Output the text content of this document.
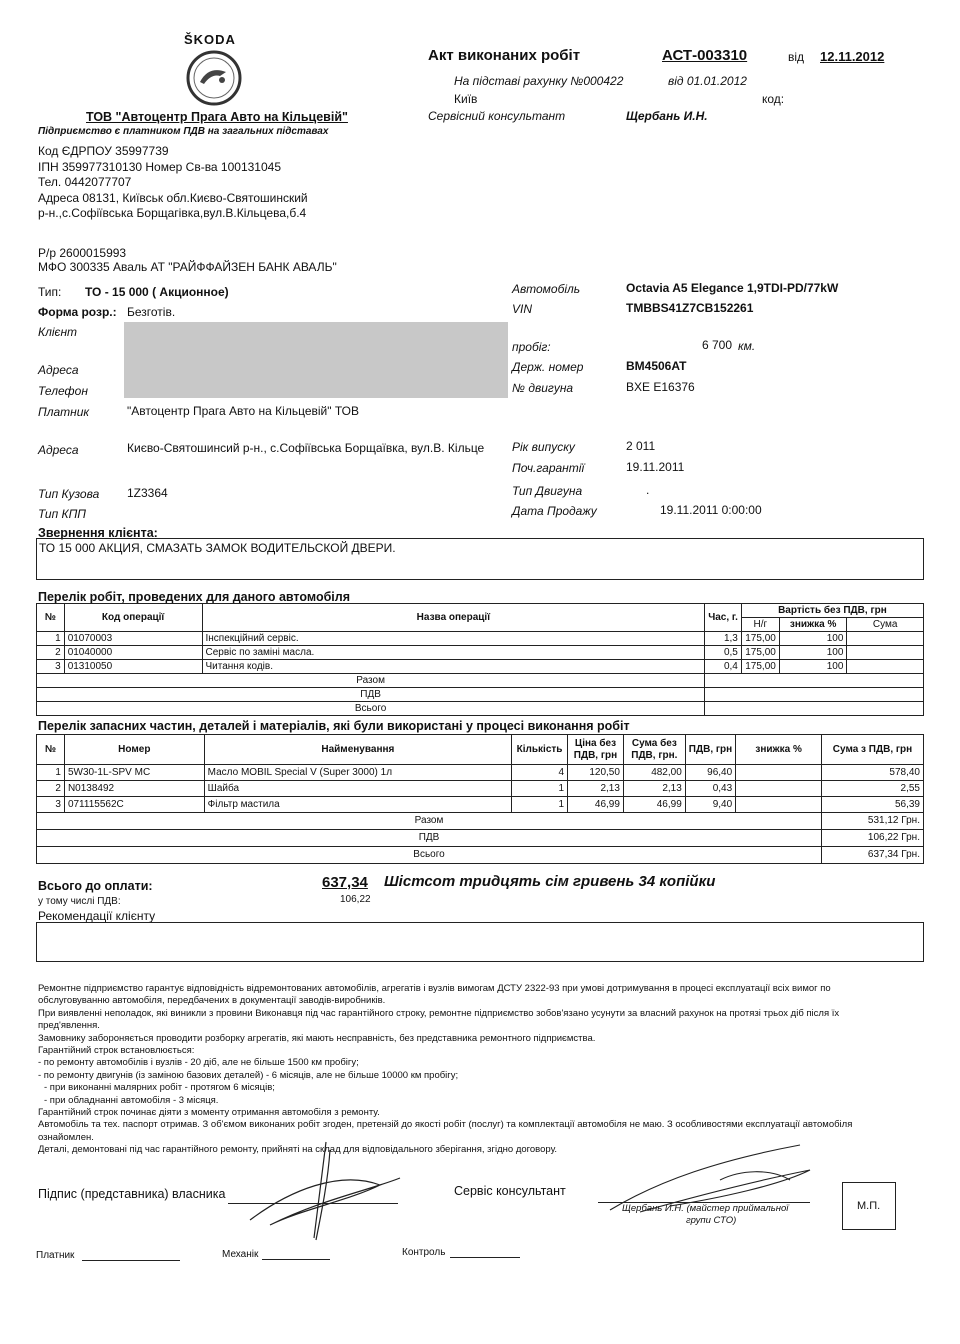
ŠKODA
ТОВ "Автоцентр Прага Авто на Кільцевій"
Підприємство є платником ПДВ на загальних підставах
Код ЄДРПОУ 35997739
ІПН 359977310130 Номер Св-ва 100131045
Тел. 0442077707
Адреса 08131, Київськ обл.Києво-Святошинский
р-н.,с.Софіївська Борщагівка,вул.В.Кільцева,б.4
Р/р 2600015993
МФО 300335 Аваль АТ "РАЙФФАЙЗЕН БАНК АВАЛЬ"
Акт виконаних робіт	АСТ-003310	від 12.11.2012
На підставі рахунку №000422	від 01.01.2012
Київ	код:
Сервісний консультант	Щербань И.Н.
Тип: ТО - 15 000 ( Акционное)
Форма розр.: Безготів.
Клієнт
Адреса
Телефон
Платник	"Автоцентр Прага Авто на Кільцевій" ТОВ
Адреса	Києво-Святошинсий р-н., с.Софіївська Борщаївка, вул.В. Кільце
Тип Кузова 1Z3364
Тип КПП
Автомобіль	Octavia A5 Elegance 1,9TDI-PD/77kW
VIN	TMBBS41Z7CB152261
пробіг:	6 700 км.
Держ. номер	BM4506AT
№ двигуна	BXE E16376
Рік випуску	2 011
Поч.гарантії	19.11.2011
Тип Двигуна	.
Дата Продажу	19.11.2011 0:00:00
Звернення клієнта:
ТО 15 000 АКЦИЯ, СМАЗАТЬ ЗАМОК ВОДИТЕЛЬСКОЙ ДВЕРИ.
Перелік робіт, проведених для даного автомобіля
№	Код операції	Назва операції	Час, г.	Вартість без ПДВ, грн		
				Н/г	знижка %	Сума
1	01070003	Інспекційний сервіс.	1,3	175,00	100	
2	01040000	Сервіс по заміні масла.	0,5	175,00	100	
3	01310050	Читання кодів.	0,4	175,00	100	
Разом						
ПДВ						
Всього						
Перелік запасних частин, деталей і матеріалів, які були використані у процесі виконання робіт
№	Номер	Найменування	Кількість	Ціна без ПДВ, грн	Сума без ПДВ, грн.	ПДВ, грн	знижка %	Сума з ПДВ, грн
1	5W30-1L-SPV MC	Масло MOBIL Special V (Super 3000) 1л	4	120,50	482,00	96,40		578,40
2	N0138492	Шайба	1	2,13	2,13	0,43		2,55
3	071115562C	Фільтр мастила	1	46,99	46,99	9,40		56,39
Разом								531,12 Грн.
ПДВ								106,22 Грн.
Всього								637,34 Грн.
Всього до оплати:	637,34 Шістсот тридцять сім гривень 34 копійки
у тому числі ПДВ:	106,22
Рекомендації клієнту
Ремонтне підприємство гарантує відповідність відремонтованих автомобілів, агрегатів і вузлів вимогам ДСТУ 2322-93 при умові дотримування в процесі експлуатації всіх вимог по
обслуговуванню автомобіля, передбачених в документації заводів-виробників.
При виявленні неполадок, які виникли з провини Виконавця під час гарантійного строку, ремонтне підприємство зобов'язано усунути за власний рахунок на протязі трьох діб після їх
пред'явлення.
Замовнику забороняється проводити розборку агрегатів, які мають несправність, без представника ремонтного підприємства.
Гарантійний строк встановлюється:
- по ремонту автомобілів і вузлів - 20 діб, але не більше 1500 км пробігу;
- по ремонту двигунів (із заміною базових деталей) - 6 місяців, але не більше 10000 км пробігу;
- при виконанні малярних робіт - протягом 6 місяців;
- при обладнанні автомобіля - 3 місяця.
Гарантійний строк починає діяти з моменту отримання автомобіля з ремонту.
Автомобіль та тех. паспорт отримав. З об'ємом виконаних робіт згоден, претензій до якості робіт (послуг) та комплектації автомобіля не маю. З особливостями експлуатації автомобіля
ознайомлен.
Деталі, демонтовані під час гарантійного ремонту, прийняті на склад для відповідального зберігання, згідно договору.
Підпис (представника) власника	Сервіс консультант
Щербань И.Н. (майстер приймальної
групи СТО)
М.П.
Платник	Механік	Контроль
